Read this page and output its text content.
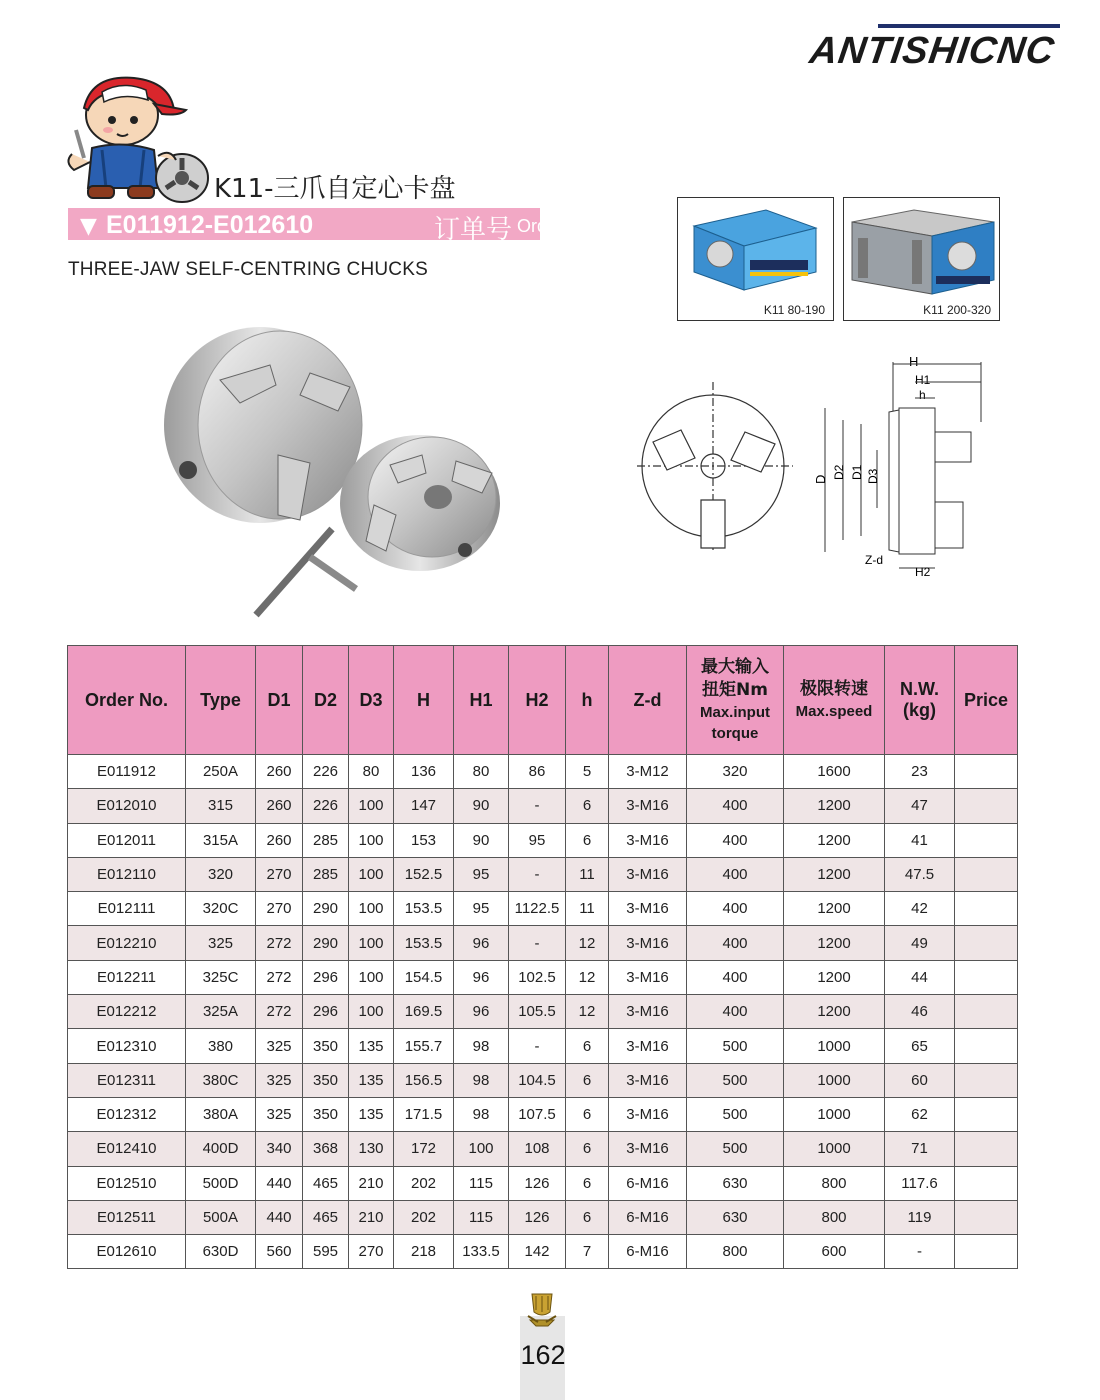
ANTISHICNC
K11-三爪自定心卡盘
▼ E011912-E012610	订单号 Order NO.
THREE-JAW SELF-CENTRING CHUCKS
K11 80-190	K11 200-320
H
H1
h
D D2 D1 D3
Z-d
H2
Order No.	Type	D1	D2	D3	H	H1	H2	h	Z-d	最大输入
扭矩Nm
Max.input
torque	极限转速
Max.speed	N.W.
(kg)	Price
E011912	250A	260	226	80	136	80	86	5	3-M12	320	1600	23	
E012010	315	260	226	100	147	90	-	6	3-M16	400	1200	47	
E012011	315A	260	285	100	153	90	95	6	3-M16	400	1200	41	
E012110	320	270	285	100	152.5	95	-	11	3-M16	400	1200	47.5	
E012111	320C	270	290	100	153.5	95	1122.5	11	3-M16	400	1200	42	
E012210	325	272	290	100	153.5	96	-	12	3-M16	400	1200	49	
E012211	325C	272	296	100	154.5	96	102.5	12	3-M16	400	1200	44	
E012212	325A	272	296	100	169.5	96	105.5	12	3-M16	400	1200	46	
E012310	380	325	350	135	155.7	98	-	6	3-M16	500	1000	65	
E012311	380C	325	350	135	156.5	98	104.5	6	3-M16	500	1000	60	
E012312	380A	325	350	135	171.5	98	107.5	6	3-M16	500	1000	62	
E012410	400D	340	368	130	172	100	108	6	3-M16	500	1000	71	
E012510	500D	440	465	210	202	115	126	6	6-M16	630	800	117.6	
E012511	500A	440	465	210	202	115	126	6	6-M16	630	800	119	
E012610	630D	560	595	270	218	133.5	142	7	6-M16	800	600	-	
162
